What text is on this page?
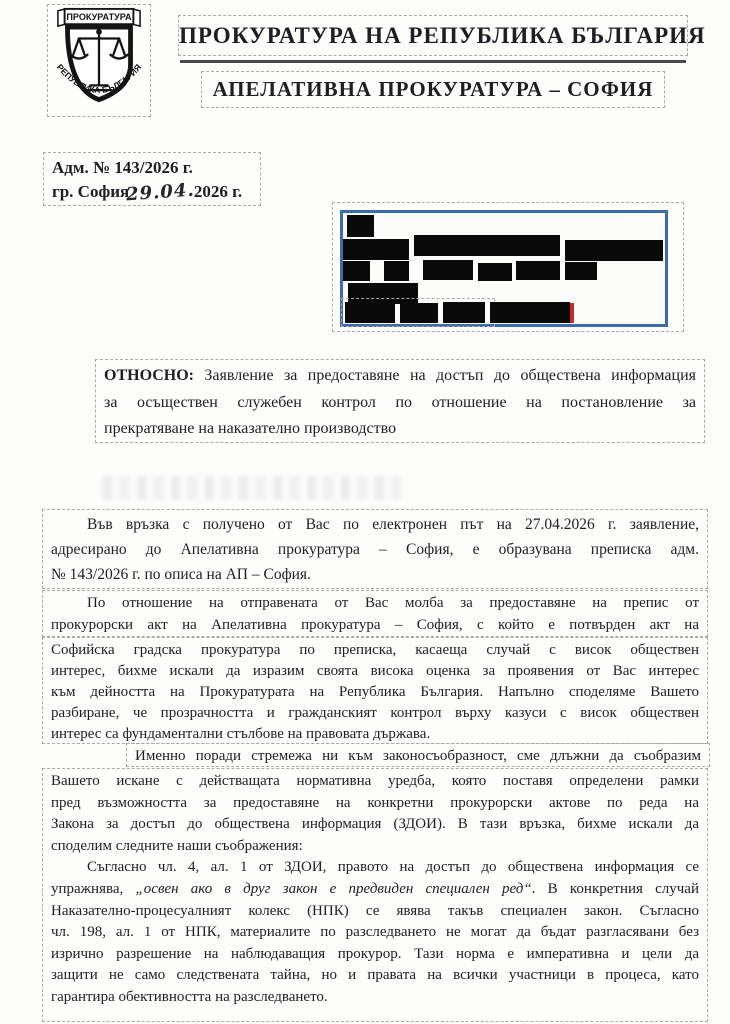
ПРОКУРАТУРА
РЕПУБЛИКА БЪЛГАРИЯ
ПРОКУРАТУРА НА РЕПУБЛИКА БЪЛГАРИЯ
АПЕЛАТИВНА ПРОКУРАТУРА – СОФИЯ
Адм. № 143/2026 г.
гр. София29.04.2026 г.
ОТНОСНО: Заявление за предоставяне на достъп до обществена информация
за осъществен служебен контрол по отношение на постановление за
прекратяване на наказателно производство
Във връзка с получено от Вас по електронен път на 27.04.2026 г. заявление,
адресирано до Апелативна прокуратура – София, е образувана преписка адм.
№ 143/2026 г. по описа на АП – София.
По отношение на отправената от Вас молба за предоставяне на препис от
прокурорски акт на Апелативна прокуратура – София, с който е потвърден акт на
Софийска градска прокуратура по преписка, касаеща случай с висок обществен
интерес, бихме искали да изразим своята висока оценка за проявения от Вас интерес
към дейността на Прокуратурата на Република България. Напълно споделяме Вашето
разбиране, че прозрачността и гражданският контрол върху казуси с висок обществен
интерес са фундаментални стълбове на правовата държава.
Именно поради стремежа ни към законосъобразност, сме длъжни да съобразим
Вашето искане с действащата нормативна уредба, която поставя определени рамки
пред възможността за предоставяне на конкретни прокурорски актове по реда на
Закона за достъп до обществена информация (ЗДОИ). В тази връзка, бихме искали да
споделим следните наши съображения:
Съгласно чл. 4, ал. 1 от ЗДОИ, правото на достъп до обществена информация се
упражнява, „освен ако в друг закон е предвиден специален ред“. В конкретния случай
Наказателно-процесуалният колекс (НПК) се явява такъв специален закон. Съгласно
чл. 198, ал. 1 от НПК, материалите по разследването не могат да бъдат разгласявани без
изрично разрешение на наблюдаващия прокурор. Тази норма е императивна и цели да
защити не само следствената тайна, но и правата на всички участници в процеса, като
гарантира обективността на разследването.
